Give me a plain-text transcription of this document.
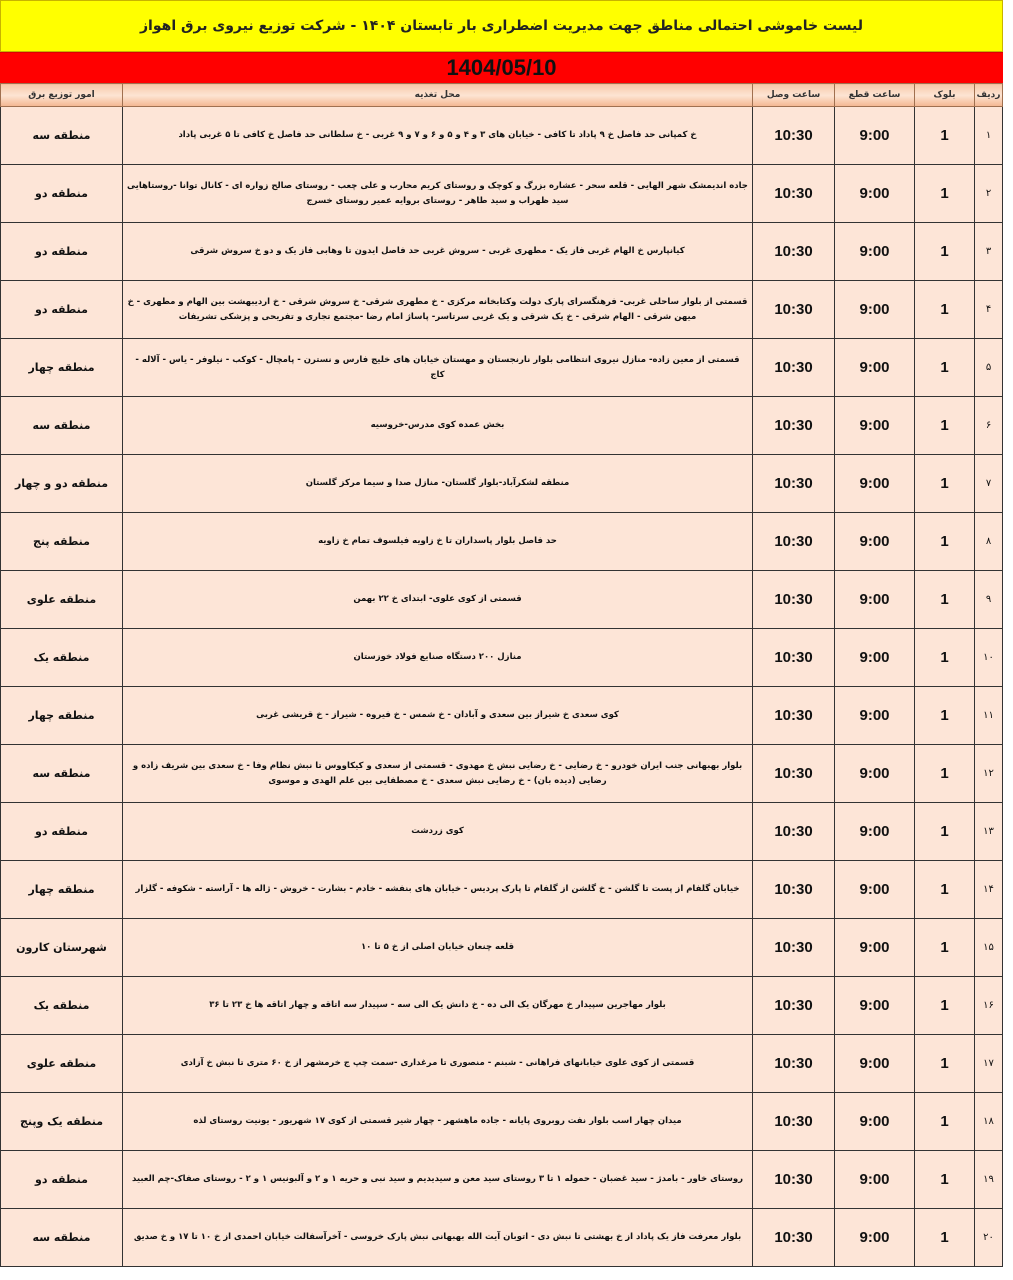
لیست خاموشی احتمالی مناطق جهت مدیریت اضطراری بار تابستان ۱۴۰۴ - شرکت توزیع نیروی برق اهواز
1404/05/10
ردیف	بلوک	ساعت قطع	ساعت وصل	محل تغذیه	امور توزیع برق
۱	1	9:00	10:30	خ کمپانی حد فاصل خ ۹ پاداد تا کافی - خیابان های ۳ و ۴ و ۵ و ۶ و ۷ و ۹ غربی - خ سلطانی حد فاصل خ کافی تا ۵ غربی پاداد	منطقه سه
۲	1	9:00	10:30	جاده اندیمشک شهر الهایی - قلعه سحر - عشاره بزرگ و کوچک و روستای کریم محارب و علی چعب - روستای صالح زواره ای - کانال توانا -روستاهایی سید ظهراب و سید طاهر - روستای بروایه عمیر روستای خسرج	منطقه دو
۳	1	9:00	10:30	کیانپارس خ الهام غربی فاز یک - مطهری غربی - سروش غربی حد فاصل ایدون تا وهابی فاز یک و دو خ سروش شرقی	منطقه دو
۴	1	9:00	10:30	قسمتی از بلوار ساحلی غربی- فرهنگسرای پارک دولت وکتابخانه مرکزی - خ مطهری شرقی- خ سروش شرقی - خ اردیبهشت بین الهام و مطهری - خ میهن شرقی - الهام شرقی - خ یک شرقی و یک غربی سرتاسر- پاساژ امام رضا -مجتمع تجاری و تفریحی و پزشکی تشریفات	منطقه دو
۵	1	9:00	10:30	قسمتی از معین زاده- منازل نیروی انتظامی بلوار نارنجستان و مهستان خیابان های خلیج فارس و نسترن - پامچال - کوکب - نیلوفر - یاس - آلاله - کاج	منطقه چهار
۶	1	9:00	10:30	بخش عمده کوی مدرس-خروسیه	منطقه سه
۷	1	9:00	10:30	منطقه لشکرآباد-بلوار گلستان- منازل صدا و سیما مرکز گلستان	منطقه دو و چهار
۸	1	9:00	10:30	حد فاصل بلوار پاسداران تا خ زاویه فیلسوف تمام خ زاویه	منطقه پنج
۹	1	9:00	10:30	قسمتی از کوی علوی- ابتدای خ ۲۲ بهمن	منطقه علوی
۱۰	1	9:00	10:30	منازل ۲۰۰ دستگاه صنایع فولاد خوزستان	منطقه یک
۱۱	1	9:00	10:30	کوی سعدی خ شیراز بین سعدی و آبادان - خ شمس - خ فیروه - شیراز - خ قریشی غربی	منطقه چهار
۱۲	1	9:00	10:30	بلوار بهبهانی جنب ایران خودرو - خ رضایی - خ رضایی نبش خ مهدوی - قسمتی از سعدی و کیکاووس تا نبش نظام وفا - خ سعدی بین شریف زاده و رضایی (دیده بان) - خ رضایی نبش سعدی - خ مصطفایی بین علم الهدی و موسوی	منطقه سه
۱۳	1	9:00	10:30	کوی زردشت	منطقه دو
۱۴	1	9:00	10:30	خیابان گلفام از پست تا گلشن - خ گلشن از گلفام تا پارک پردیس - خیابان های بنفشه - خادم - بشارت - خروش - ژاله ها - آراسته - شکوفه - گلزار	منطقه چهار
۱۵	1	9:00	10:30	قلعه چنعان خیابان اصلی از خ ۵ تا ۱۰	شهرستان کارون
۱۶	1	9:00	10:30	بلوار مهاجرین سپیدار خ مهرگان یک الی ده - خ دانش یک الی سه - سپیدار سه اتاقه و چهار اتاقه ها خ ۲۳ تا ۳۶	منطقه یک
۱۷	1	9:00	10:30	قسمتی از کوی علوی خیابانهای فراهانی - شبنم - منصوری تا مرغداری -سمت چپ ج خرمشهر از خ ۶۰ متری تا نبش خ آزادی	منطقه علوی
۱۸	1	9:00	10:30	میدان چهار اسب بلوار نفت روبروی پایانه - جاده ماهشهر - چهار شیر قسمتی از کوی ۱۷ شهریور - یونیت روستای لذه	منطقه یک وپنج
۱۹	1	9:00	10:30	روستای خاور - بامدژ - سید غضبان - حموله ۱ تا ۳ روستای سید معن و سیدیدیم و سید نبی و حریه ۱ و ۲ و آلبونیس ۱ و ۲ - روستای صفاک-چم العبید	منطقه دو
۲۰	1	9:00	10:30	بلوار معرفت فاز یک پاداد از خ بهشتی تا نبش دی - اتوبان آیت الله بهبهانی نبش پارک خروسی - آخرآسفالت خیابان احمدی از خ ۱۰ تا ۱۷ و خ صدیق	منطقه سه
